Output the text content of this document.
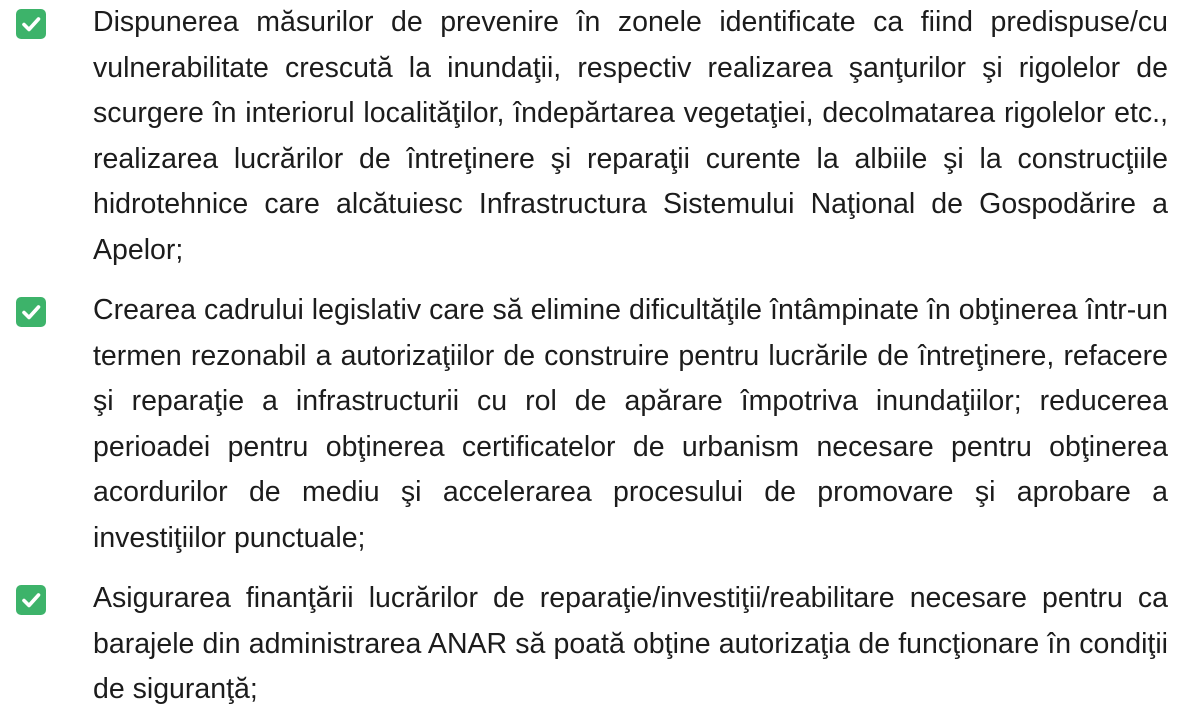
Dispunerea măsurilor de prevenire în zonele identificate ca fiind predispuse/cu vulnerabilitate crescută la inundaţii, respectiv realizarea şanţurilor şi rigolelor de scurgere în interiorul localităţilor, îndepărtarea vegetaţiei, decolmatarea rigolelor etc., realizarea lucrărilor de întreţinere şi reparaţii curente la albiile şi la construcţiile hidrotehnice care alcătuiesc Infrastructura Sistemului Naţional de Gospodărire a Apelor;
Crearea cadrului legislativ care să elimine dificultăţile întâmpinate în obţinerea într-un termen rezonabil a autorizaţiilor de construire pentru lucrările de întreţinere, refacere şi reparaţie a infrastructurii cu rol de apărare împotriva inundaţiilor; reducerea perioadei pentru obţinerea certificatelor de urbanism necesare pentru obţinerea acordurilor de mediu şi accelerarea procesului de promovare şi aprobare a investiţiilor punctuale;
Asigurarea finanţării lucrărilor de reparaţie/investiţii/reabilitare necesare pentru ca barajele din administrarea ANAR să poată obţine autorizaţia de funcţionare în condiţii de siguranţă;
